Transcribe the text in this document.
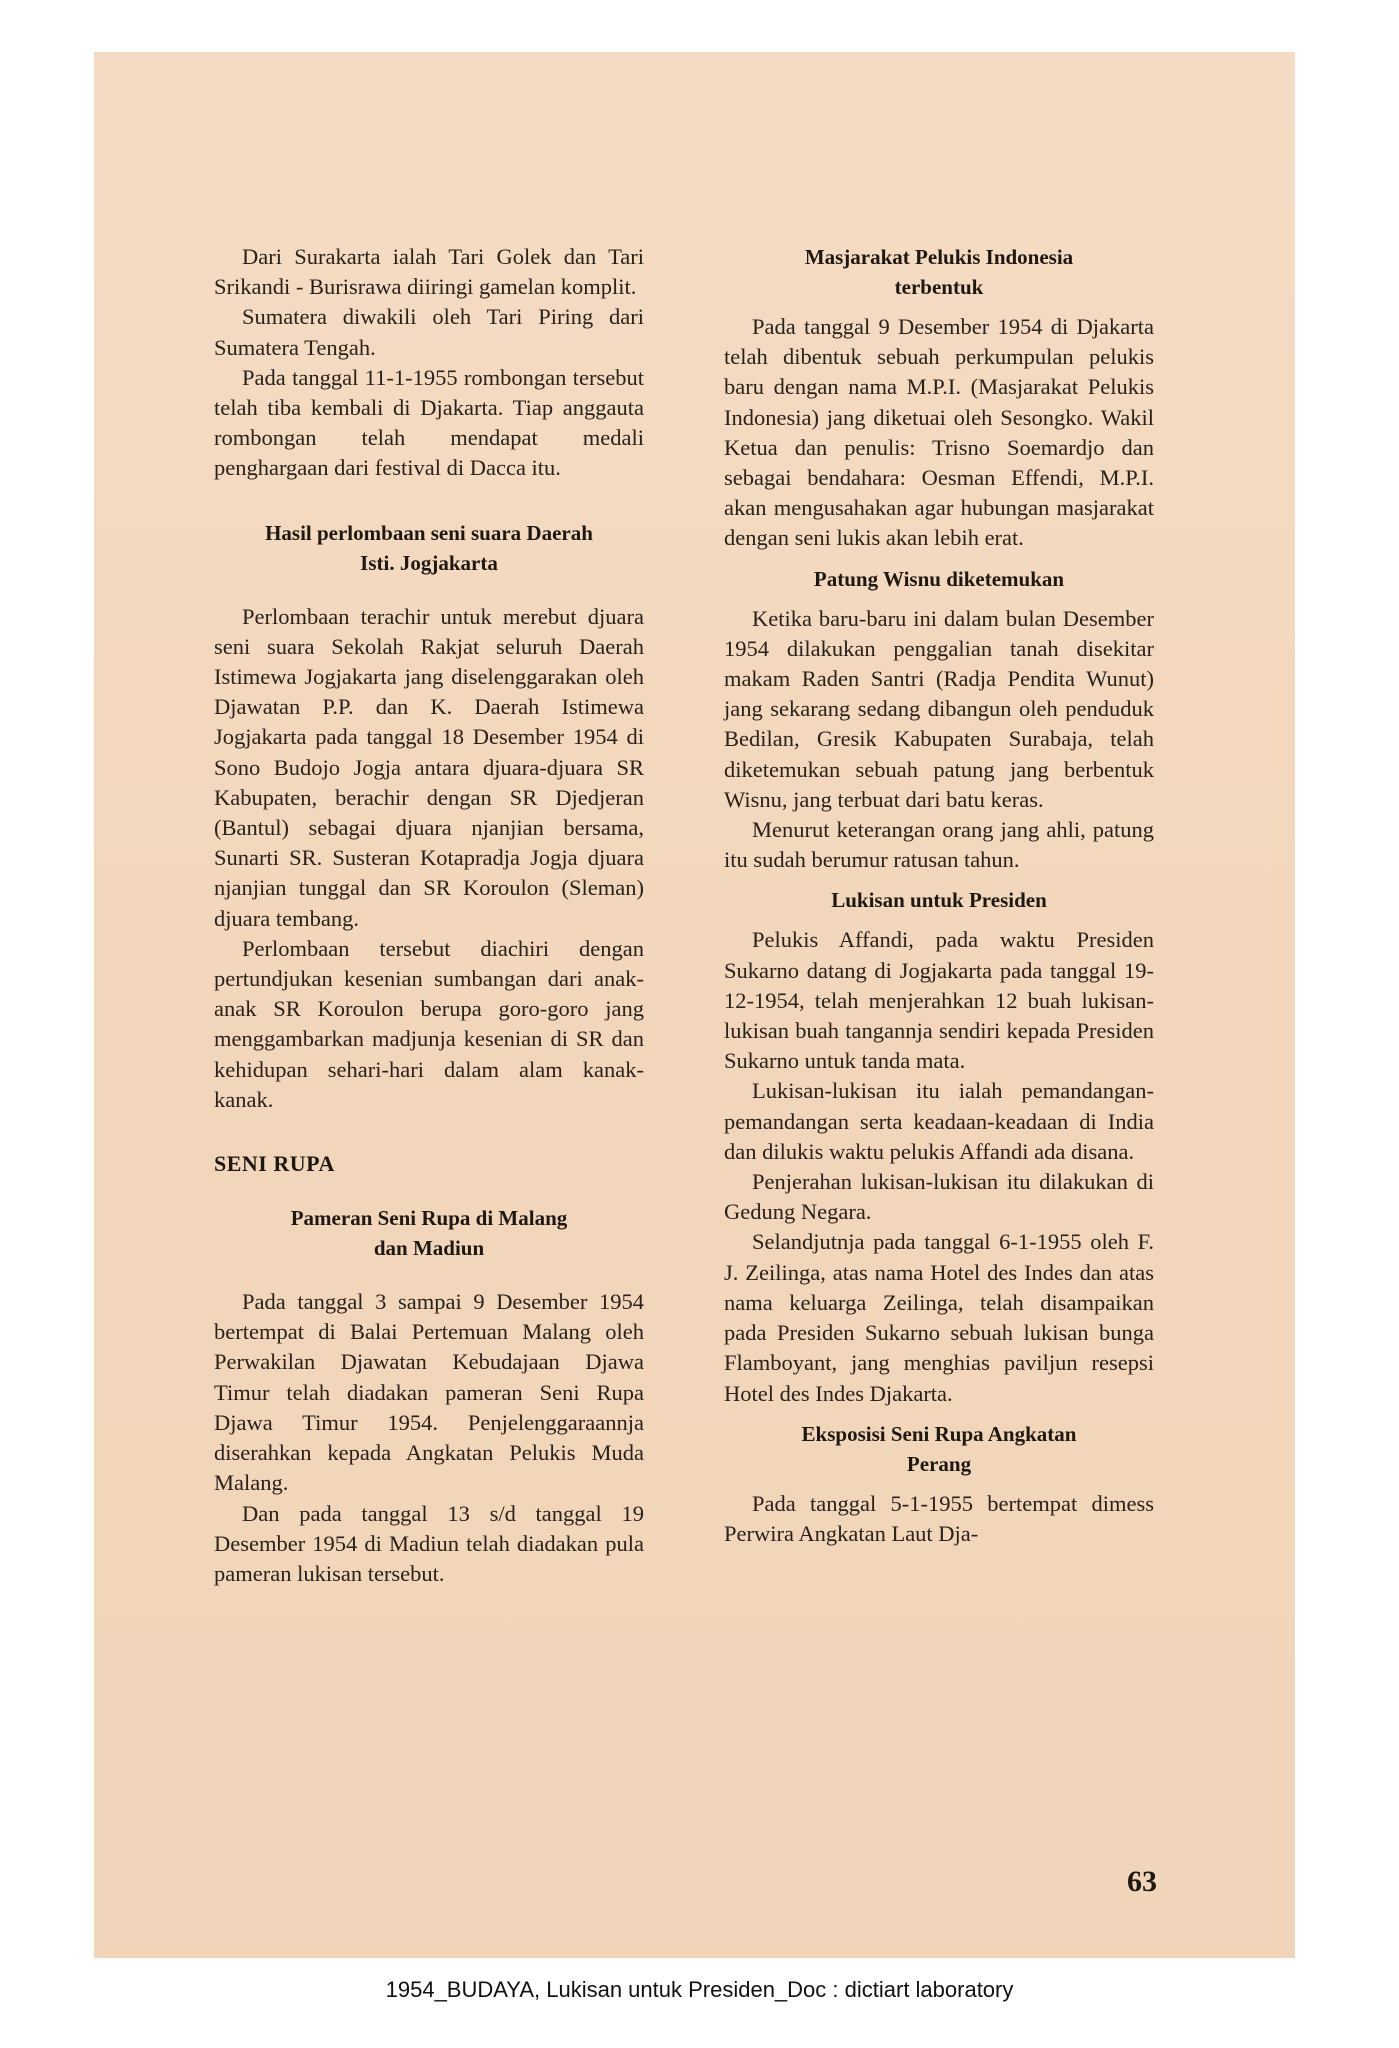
Dari Surakarta ialah Tari Golek dan Tari Srikandi - Burisrawa diiringi gamelan komplit.

Sumatera diwakili oleh Tari Piring dari Sumatera Tengah.

Pada tanggal 11-1-1955 rombongan tersebut telah tiba kembali di Djakarta. Tiap anggauta rombongan telah mendapat medali penghargaan dari festival di Dacca itu.

Hasil perlombaan seni suara Daerah
Isti. Jogjakarta

Perlombaan terachir untuk merebut djuara seni suara Sekolah Rakjat seluruh Daerah Istimewa Jogjakarta jang diselenggarakan oleh Djawatan P.P. dan K. Daerah Istimewa Jogjakarta pada tanggal 18 Desember 1954 di Sono Budojo Jogja antara djuara-djuara SR Kabupaten, berachir dengan SR Djedjeran (Bantul) sebagai djuara njanjian bersama, Sunarti SR. Susteran Kotapradja Jogja djuara njanjian tunggal dan SR Koroulon (Sleman) djuara tembang.

Perlombaan tersebut diachiri dengan pertundjukan kesenian sumbangan dari anak-anak SR Koroulon berupa goro-goro jang menggambarkan madjunja kesenian di SR dan kehidupan sehari-hari dalam alam kanak-kanak.

SENI RUPA
Pameran Seni Rupa di Malang
dan Madiun

Pada tanggal 3 sampai 9 Desember 1954 bertempat di Balai Pertemuan Malang oleh Perwakilan Djawatan Kebudajaan Djawa Timur telah diadakan pameran Seni Rupa Djawa Timur 1954. Penjelenggaraannja diserahkan kepada Angkatan Pelukis Muda Malang.

Dan pada tanggal 13 s/d tanggal 19 Desember 1954 di Madiun telah diadakan pula pameran lukisan tersebut.

Masjarakat Pelukis Indonesia
terbentuk

Pada tanggal 9 Desember 1954 di Djakarta telah dibentuk sebuah perkumpulan pelukis baru dengan nama M.P.I. (Masjarakat Pelukis Indonesia) jang diketuai oleh Sesongko. Wakil Ketua dan penulis: Trisno Soemardjo dan sebagai bendahara: Oesman Effendi, M.P.I. akan mengusahakan agar hubungan masjarakat dengan seni lukis akan lebih erat.

Patung Wisnu diketemukan

Ketika baru-baru ini dalam bulan Desember 1954 dilakukan penggalian tanah disekitar makam Raden Santri (Radja Pendita Wunut) jang sekarang sedang dibangun oleh penduduk Bedilan, Gresik Kabupaten Surabaja, telah diketemukan sebuah patung jang berbentuk Wisnu, jang terbuat dari batu keras.

Menurut keterangan orang jang ahli, patung itu sudah berumur ratusan tahun.

Lukisan untuk Presiden

Pelukis Affandi, pada waktu Presiden Sukarno datang di Jogjakarta pada tanggal 19-12-1954, telah menjerahkan 12 buah lukisan-lukisan buah tangannja sendiri kepada Presiden Sukarno untuk tanda mata.

Lukisan-lukisan itu ialah pemandangan-pemandangan serta keadaan-keadaan di India dan dilukis waktu pelukis Affandi ada disana.

Penjerahan lukisan-lukisan itu dilakukan di Gedung Negara.

Selandjutnja pada tanggal 6-1-1955 oleh F. J. Zeilinga, atas nama Hotel des Indes dan atas nama keluarga Zeilinga, telah disampaikan pada Presiden Sukarno sebuah lukisan bunga Flamboyant, jang menghias paviljun resepsi Hotel des Indes Djakarta.

Eksposisi Seni Rupa Angkatan
Perang

Pada tanggal 5-1-1955 bertempat dimess Perwira Angkatan Laut Dja-

63
1954_BUDAYA, Lukisan untuk Presiden_Doc : dictiart laboratory
